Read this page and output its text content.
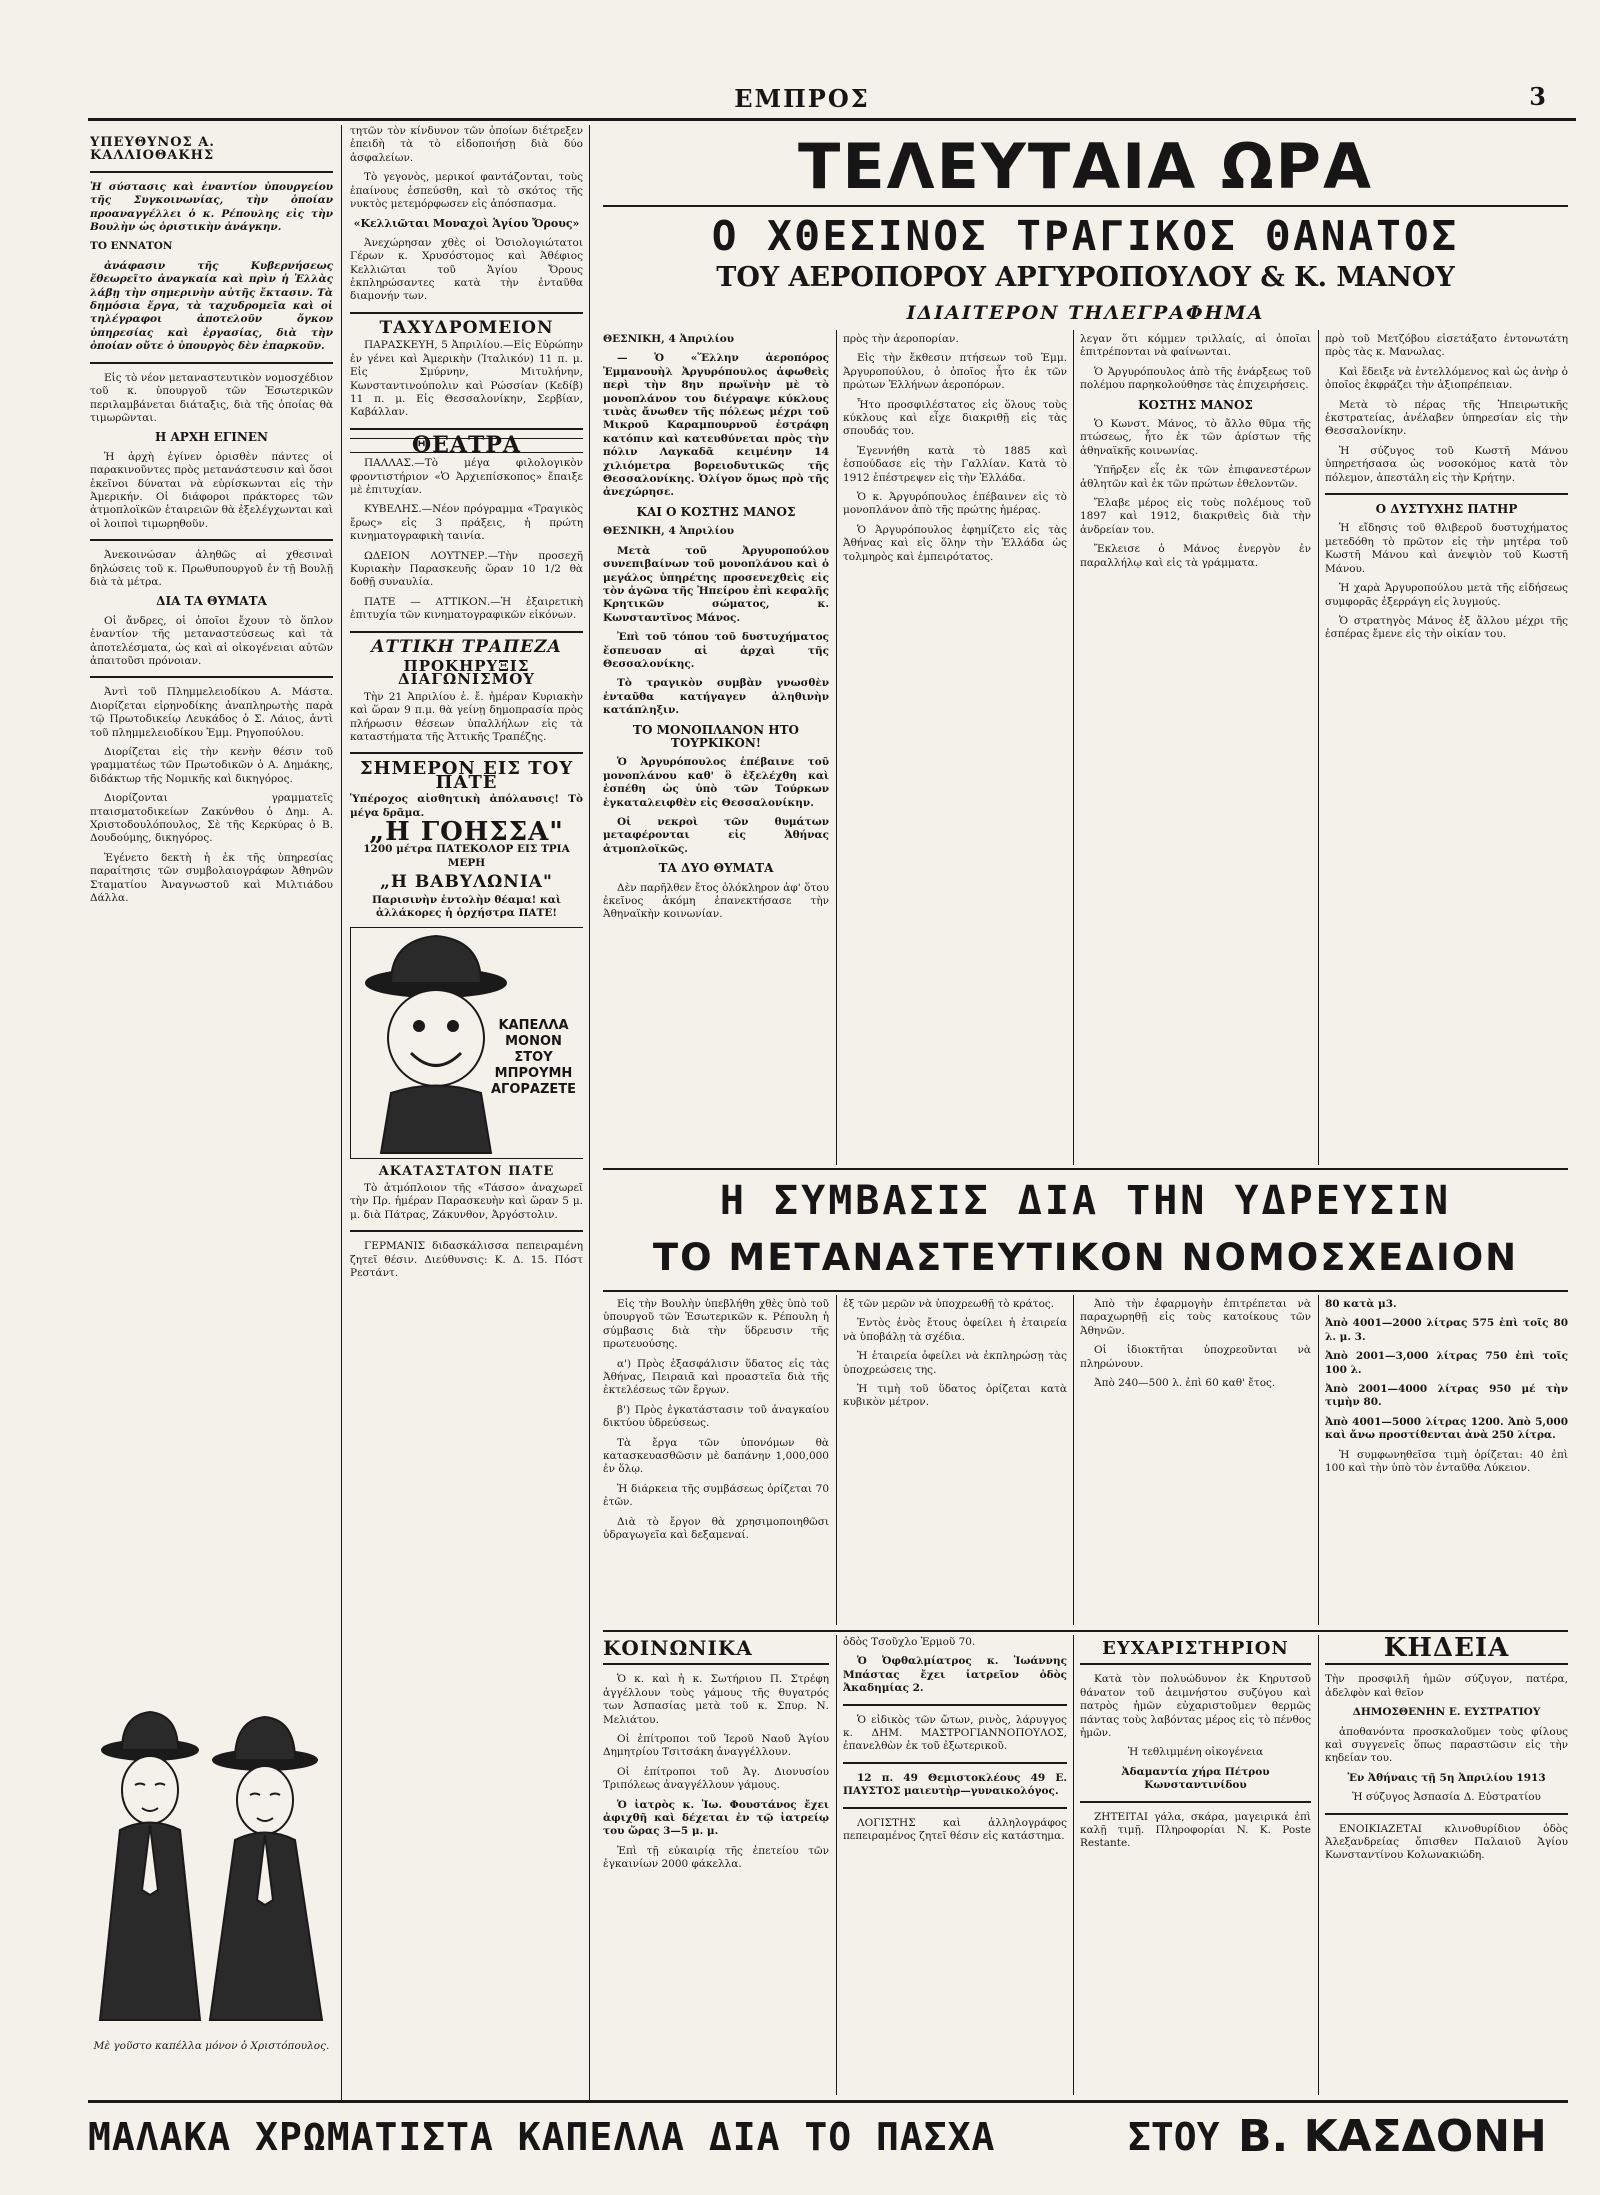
ΕΜΠΡΟΣ	3
ΥΠΕΥΘΥΝΟΣ Α. ΚΑΛΛΙΟΘΑΚΗΣ

Ἡ σύστασις καὶ ἐναντίον ὑπουργείου τῆς Συγκοινωνίας, τὴν ὁποίαν προαναγγέλλει ὁ κ. Ρέπουλης εἰς τὴν Βουλὴν ὡς ὁριστικὴν ἀνάγκην.

ΤΟ ΕΝΝΑΤΟΝ

ἀνάφασιν τῆς Κυβερνήσεως ἔθεωρεῖτο ἀναγκαία καὶ πρὶν ἡ Ἑλλὰς λάβῃ τὴν σημερινὴν αὐτῆς ἔκτασιν. Τὰ δημόσια ἔργα, τὰ ταχυδρομεῖα καὶ οἱ τηλέγραφοι ἀποτελοῦν ὄγκον ὑπηρεσίας καὶ ἐργασίας, διὰ τὴν ὁποίαν οὔτε ὁ ὑπουργὸς δὲν ἐπαρκοῦν.

Εἰς τὸ νέον μεταναστευτικὸν νομοσχέδιον τοῦ κ. ὑπουργοῦ τῶν Ἐσωτερικῶν περιλαμβάνεται διάταξις, διὰ τῆς ὁποίας θὰ τιμωρῶνται.

Η ΑΡΧΗ ΕΓΙΝΕΝ

Ἡ ἀρχὴ ἐγίνεν ὁρισθὲν πάντες οἱ παρακινοῦντες πρὸς μετανάστευσιν καὶ ὅσοι ἐκεῖνοι δύναται νὰ εὑρίσκωνται εἰς τὴν Ἀμερικήν. Οἱ διάφοροι πράκτορες τῶν ἀτμοπλοϊκῶν ἑταιρειῶν θὰ ἐξελέγχωνται καὶ οἱ λοιποὶ τιμωρηθοῦν.

Ἀνεκοινώσαν ἀληθῶς αἱ χθεσιναὶ δηλώσεις τοῦ κ. Πρωθυπουργοῦ ἐν τῇ Βουλῇ διὰ τὰ μέτρα.

ΔΙΑ ΤΑ ΘΥΜΑΤΑ

Οἱ ἄνδρες, οἱ ὁποῖοι ἔχουν τὸ ὅπλον ἐναντίον τῆς μεταναστεύσεως καὶ τὰ ἀποτελέσματα, ὡς καὶ αἱ οἰκογένειαι αὐτῶν ἀπαιτοῦσι πρόνοιαν.

Ἀντὶ τοῦ Πλημμελειοδίκου Α. Μάστα. Διορίζεται εἰρηνοδίκης ἀναπληρωτὴς παρὰ τῷ Πρωτοδικείῳ Λευκάδος ὁ Σ. Λάιος, ἀντὶ τοῦ πλημμελειοδίκου Ἐμμ. Ρηγοπούλου.

Διορίζεται εἰς τὴν κενὴν θέσιν τοῦ γραμματέως τῶν Πρωτοδικῶν ὁ Α. Δημάκης, διδάκτωρ τῆς Νομικῆς καὶ δικηγόρος.

Διορίζονται γραμματεῖς πταισματοδικείων Ζακύνθου ὁ Δημ. Α. Χριστοδουλόπουλος, Σὲ τῆς Κερκύρας ὁ Β. Δουδούμης, δικηγόρος.

Ἐγένετο δεκτὴ ἡ ἐκ τῆς ὑπηρεσίας παραίτησις τῶν συμβολαιογράφων Ἀθηνῶν Σταματίου Ἀναγνωστοῦ καὶ Μιλτιάδου Δάλλα.

Μὲ γοῦστο καπέλλα μόνον ὁ Χριστόπουλος.

τητῶν τὸν κίνδυνον τῶν ὁποίων διέτρεξεν ἐπειδὴ τὰ τὸ εἰδοποιήσῃ διὰ δύο ἀσφαλείων.

Τὸ γεγονὸς, μερικοί φαντάζονται, τοὺς ἐπαίνους ἐσπεύσθη, καὶ τὸ σκότος τῆς νυκτὸς μετεμόρφωσεν εἰς ἀπόσπασμα.

«Κελλιῶται Μοναχοὶ Ἁγίου Ὄρους»

Ἀνεχώρησαν χθὲς οἱ Ὀσιολογιώτατοι Γέρων κ. Χρυσόστομος καὶ Ἀθέφιος Κελλιῶται τοῦ Ἁγίου Ὄρους ἐκπληρώσαντες κατὰ τὴν ἐνταῦθα διαμονήν των.

ΤΑΧΥΔΡΟΜΕΙΟΝ

ΠΑΡΑΣΚΕΥΗ, 5 Ἀπριλίου.—Εἰς Εὐρώπην ἐν γένει καὶ Ἀμερικὴν (Ἰταλικόν) 11 π. μ. Εἰς Σμύρνην, Μιτυλήνην, Κωνσταντινούπολιν καὶ Ρώσσίαν (Κεδίβ) 11 π. μ. Εἰς Θεσσαλονίκην, Σερβίαν, Καβάλλαν.

ΘΕΑΤΡΑ

ΠΑΛΛΑΣ.—Τὸ μέγα φιλολογικὸν φροντιστήριον «Ὁ Ἀρχιεπίσκοπος» ἔπαιξε μὲ ἐπιτυχίαν.

ΚΥΒΕΛΗΣ.—Νέον πρόγραμμα «Τραγικὸς ἔρως» εἰς 3 πράξεις, ἡ πρώτη κινηματογραφικὴ ταινία.

ΩΔΕΙΟΝ ΛΟΥΤΝΕΡ.—Τὴν προσεχῆ Κυριακὴν Παρασκευῆς ὥραν 10 1/2 θὰ δοθῇ συναυλία.

ΠΑΤΕ — ΑΤΤΙΚΟΝ.—Ἡ ἐξαιρετικὴ ἐπιτυχία τῶν κινηματογραφικῶν εἰκόνων.

ΑΤΤΙΚΗ ΤΡΑΠΕΖΑ
ΠΡΟΚΗΡΥΞΙΣ ΔΙΑΓΩΝΙΣΜΟΥ

Τὴν 21 Ἀπριλίου ἐ. ἔ. ἡμέραν Κυριακὴν καὶ ὥραν 9 π.μ. θὰ γείνῃ δημοπρασία πρὸς πλήρωσιν θέσεων ὑπαλλήλων εἰς τὰ καταστήματα τῆς Ἀττικῆς Τραπέζης.

ΣΗΜΕΡΟΝ ΕΙΣ ΤΟΥ ΠΑΤΕ

Ὑπέροχος αἰσθητικὴ ἀπόλαυσις! Τὸ μέγα δρᾶμα.

„Η ΓΟΗΣΣΑ"

1200 μέτρα ΠΑΤΕΚΟΛΟΡ ΕΙΣ ΤΡΙΑ ΜΕΡΗ

„Η ΒΑΒΥΛΩΝΙΑ"

Παρισινὴν ἐντολὴν θέαμα! καὶ ἀλλάκορες ἡ ὀρχήστρα ΠΑΤΕ!

ΚΑΠΕΛΛΑ ΜΟΝΟΝ ΣΤΟΥ ΜΠΡΟΥΜΗ ΑΓΟΡΑΖΕΤΕ
ΑΚΑΤΑΣΤΑΤΟΝ ΠΑΤΕ

Τὸ ἀτμόπλοιον τῆς «Τάσσο» ἀναχωρεῖ τὴν Πρ. ἡμέραν Παρασκευὴν καὶ ὥραν 5 μ. μ. διὰ Πάτρας, Ζάκυνθον, Ἀργόστολιν.

ΓΕΡΜΑΝΙΣ διδασκάλισσα πεπειραμένη ζητεῖ θέσιν. Διεύθυνσις: Κ. Δ. 15. Πόστ Ρεστάντ.

ΤΕΛΕΥΤΑΙΑ ΩΡΑ
Ο ΧΘΕΣΙΝΟΣ ΤΡΑΓΙΚΟΣ ΘΑΝΑΤΟΣ
ΤΟΥ ΑΕΡΟΠΟΡΟΥ ΑΡΓΥΡΟΠΟΥΛΟΥ & Κ. ΜΑΝΟΥ
ΙΔΙΑΙΤΕΡΟΝ ΤΗΛΕΓΡΑΦΗΜΑ

ΘΕΣΝΙΚΗ, 4 Ἀπριλίου

— Ὁ «Ἕλλην ἀεροπόρος Ἐμμανουὴλ Ἀργυρόπουλος ἀφωθεὶς περὶ τὴν 8ην πρωϊνὴν μὲ τὸ μονοπλάνον του διέγραψε κύκλους τινὰς ἄνωθεν τῆς πόλεως μέχρι τοῦ Μικροῦ Καραμπουρνοῦ ἐστράφη κατόπιν καὶ κατευθύνεται πρὸς τὴν πόλιν Λαγκαδᾶ κειμένην 14 χιλιόμετρα βορειοδυτικῶς τῆς Θεσσαλονίκης. Ὀλίγον ὅμως πρὸ τῆς ἀνεχώρησε.

ΚΑΙ Ο ΚΟΣΤΗΣ ΜΑΝΟΣ

ΘΕΣΝΙΚΗ, 4 Ἀπριλίου

Μετὰ τοῦ Ἀργυροπούλου συνεπιβαίνων τοῦ μονοπλάνου καὶ ὁ μεγάλος ὑπηρέτης προσενεχθεὶς εἰς τὸν ἀγῶνα τῆς Ἠπείρου ἐπὶ κεφαλῆς Κρητικῶν σώματος, κ. Κωνσταντῖνος Μάνος.

Ἐπὶ τοῦ τόπου τοῦ δυστυχήματος ἔσπευσαν αἱ ἀρχαὶ τῆς Θεσσαλονίκης.

Τὸ τραγικὸν συμβὰν γνωσθὲν ἐνταῦθα κατήγαγεν ἀληθινὴν κατάπληξιν.

ΤΟ ΜΟΝΟΠΛΑΝΟΝ ΗΤΟ ΤΟΥΡΚΙΚΟΝ!

Ὁ Ἀργυρόπουλος ἐπέβαινε τοῦ μονοπλάνου καθ' ὃ ἐξελέχθη καὶ ἐσπέθη ὡς ὑπὸ τῶν Τούρκων ἐγκαταλειφθὲν εἰς Θεσσαλονίκην.

Οἱ νεκροὶ τῶν θυμάτων μεταφέρονται εἰς Ἀθήνας ἀτμοπλοϊκῶς.

ΤΑ ΔΥΟ ΘΥΜΑΤΑ

Δὲν παρῆλθεν ἔτος ὁλόκληρον ἀφ' ὅτου ἐκεῖνος ἀκόμη ἐπανεκτήσασε τὴν Ἀθηναϊκὴν κοινωνίαν.

πρὸς τὴν ἀεροπορίαν.

Εἰς τὴν ἔκθεσιν πτήσεων τοῦ Ἐμμ. Ἀργυροπούλου, ὁ ὁποῖος ἦτο ἐκ τῶν πρώτων Ἑλλήνων ἀεροπόρων.

Ἦτο προσφιλέστατος εἰς ὅλους τοὺς κύκλους καὶ εἶχε διακριθῇ εἰς τὰς σπουδάς του.

Ἐγεννήθη κατὰ τὸ 1885 καὶ ἐσπούδασε εἰς τὴν Γαλλίαν. Κατὰ τὸ 1912 ἐπέστρεψεν εἰς τὴν Ἑλλάδα.

Ὁ κ. Ἀργυρόπουλος ἐπέβαινεν εἰς τὸ μονοπλάνον ἀπὸ τῆς πρώτης ἡμέρας.

Ὁ Ἀργυρόπουλος ἐφημίζετο εἰς τὰς Ἀθήνας καὶ εἰς ὅλην τὴν Ἑλλάδα ὡς τολμηρὸς καὶ ἐμπειρότατος.

λεγαν ὅτι κόμμεν τριλλαίς, αἱ ὁποῖαι ἐπιτρέπονται νὰ φαίνωνται.

Ὁ Ἀργυρόπουλος ἀπὸ τῆς ἐνάρξεως τοῦ πολέμου παρηκολούθησε τὰς ἐπιχειρήσεις.

ΚΟΣΤΗΣ ΜΑΝΟΣ

Ὁ Κωνστ. Μάνος, τὸ ἄλλο θῦμα τῆς πτώσεως, ἦτο ἐκ τῶν ἀρίστων τῆς ἀθηναϊκῆς κοινωνίας.

Ὑπῆρξεν εἷς ἐκ τῶν ἐπιφανεστέρων ἀθλητῶν καὶ ἐκ τῶν πρώτων ἐθελοντῶν.

Ἔλαβε μέρος εἰς τοὺς πολέμους τοῦ 1897 καὶ 1912, διακριθεὶς διὰ τὴν ἀνδρείαν του.

Ἔκλεισε ὁ Μάνος ἐνεργὸν ἐν παραλλήλῳ καὶ εἰς τὰ γράμματα.

πρὸ τοῦ Μετζόβου εἰσετάξατο ἐντονωτάτη πρὸς τὰς κ. Μανωλας.

Καὶ ἔδειξε νὰ ἐντελλόμενος καὶ ὡς ἀνὴρ ὁ ὁποῖος ἐκφράζει τὴν ἀξιοπρέπειαν.

Μετὰ τὸ πέρας τῆς Ἠπειρωτικῆς ἐκστρατείας, ἀνέλαβεν ὑπηρεσίαν εἰς τὴν Θεσσαλονίκην.

Ἡ σύζυγος τοῦ Κωστῆ Μάνου ὑπηρετήσασα ὡς νοσοκόμος κατὰ τὸν πόλεμον, ἀπεστάλη εἰς τὴν Κρήτην.

Ο ΔΥΣΤΥΧΗΣ ΠΑΤΗΡ

Ἡ εἴδησις τοῦ θλιβεροῦ δυστυχήματος μετεδόθη τὸ πρῶτον εἰς τὴν μητέρα τοῦ Κωστῆ Μάνου καὶ ἀνεψιὸν τοῦ Κωστῆ Μάνου.

Ἡ χαρὰ Ἀργυροπούλου μετὰ τῆς εἰδήσεως συμφορᾶς ἐξερράγη εἰς λυγμούς.

Ὁ στρατηγὸς Μάνος ἐξ ἄλλου μέχρι τῆς ἐσπέρας ἔμενε εἰς τὴν οἰκίαν του.

Η ΣΥΜΒΑΣΙΣ ΔΙΑ ΤΗΝ ΥΔΡΕΥΣΙΝ
ΤΟ ΜΕΤΑΝΑΣΤΕΥΤΙΚΟΝ ΝΟΜΟΣΧΕΔΙΟΝ

Εἰς τὴν Βουλὴν ὑπεβλήθη χθὲς ὑπὸ τοῦ ὑπουργοῦ τῶν Ἐσωτερικῶν κ. Ρέπουλη ἡ σύμβασις διὰ τὴν ὕδρευσιν τῆς πρωτευούσης.

α') Πρὸς ἐξασφάλισιν ὕδατος εἰς τὰς Ἀθήνας, Πειραιᾶ καὶ προαστεῖα διὰ τῆς ἐκτελέσεως τῶν ἔργων.

β') Πρὸς ἐγκατάστασιν τοῦ ἀναγκαίου δικτύου ὑδρεύσεως.

Τὰ ἔργα τῶν ὑπονόμων θὰ κατασκευασθῶσιν μὲ δαπάνην 1,000,000 ἐν ὅλῳ.

Ἡ διάρκεια τῆς συμβάσεως ὁρίζεται 70 ἐτῶν.

Διὰ τὸ ἔργον θὰ χρησιμοποιηθῶσι ὑδραγωγεῖα καὶ δεξαμεναί.

ἐξ τῶν μερῶν νὰ ὑποχρεωθῇ τὸ κράτος.

Ἐντὸς ἑνὸς ἔτους ὀφείλει ἡ ἑταιρεία νὰ ὑποβάλῃ τὰ σχέδια.

Ἡ ἑταιρεία ὀφείλει νὰ ἐκπληρώσῃ τὰς ὑποχρεώσεις της.

Ἡ τιμὴ τοῦ ὕδατος ὁρίζεται κατὰ κυβικὸν μέτρον.

Ἀπὸ τὴν ἐφαρμογὴν ἐπιτρέπεται νὰ παραχωρηθῇ εἰς τοὺς κατοίκους τῶν Ἀθηνῶν.

Οἱ ἰδιοκτῆται ὑποχρεοῦνται νὰ πληρώνουν.

Ἀπὸ 240—500 λ. ἐπὶ 60 καθ' ἔτος.

80 κατὰ μ3.

Ἀπὸ 4001—2000 λίτρας 575 ἐπὶ τοῖς 80 λ. μ. 3.

Ἀπὸ 2001—3,000 λίτρας 750 ἐπὶ τοῖς 100 λ.

Ἀπὸ 2001—4000 λίτρας 950 μέ τὴν τιμὴν 80.

Ἀπὸ 4001—5000 λίτρας 1200. Ἀπὸ 5,000 καὶ ἄνω προστίθενται ἀνὰ 250 λίτρα.

Ἡ συμφωνηθεῖσα τιμὴ ὁρίζεται: 40 ἐπὶ 100 καὶ τὴν ὑπὸ τὸν ἐνταῦθα Λύκειον.

ΚΟΙΝΩΝΙΚΑ

Ὁ κ. καὶ ἡ κ. Σωτήριου Π. Στρέφη ἀγγέλλουν τοὺς γάμους τῆς θυγατρός των Ἀσπασίας μετὰ τοῦ κ. Σπυρ. Ν. Μελιάτου.

Οἱ ἐπίτροποι τοῦ Ἱεροῦ Ναοῦ Ἁγίου Δημητρίου Τσιτσάκη ἀναγγέλλουν.

Οἱ ἐπίτροποι τοῦ Ἀγ. Διονυσίου Τριπόλεως ἀναγγέλλουν γάμους.

Ὁ ἰατρὸς κ. Ἰω. Φουστάνος ἔχει ἀφιχθῆ καὶ δέχεται ἐν τῷ ἰατρείῳ του ὥρας 3—5 μ. μ.

Ἐπὶ τῇ εὐκαιρίᾳ τῆς ἐπετείου τῶν ἐγκαινίων 2000 φάκελλα.

ὁδὸς Τσοῦχλο Ἑρμοῦ 70.

Ὁ Ὀφθαλμίατρος κ. Ἰωάννης Μπάστας ἔχει ἰατρεῖον ὁδὸς Ἀκαδημίας 2.

Ὁ εἰδικὸς τῶν ὤτων, ρινὸς, λάρυγγος κ. ΔΗΜ. ΜΑΣΤΡΟΓΙΑΝΝΟΠΟΥΛΟΣ, ἐπανελθὼν ἐκ τοῦ ἐξωτερικοῦ.

12 π. 49 Θεμιστοκλέους 49 Ε. ΠΑΥΣΤΟΣ μαιευτὴρ—γυναικολόγος.

ΛΟΓΙΣΤΗΣ καὶ ἀλληλογράφος πεπειραμένος ζητεῖ θέσιν εἰς κατάστημα.

ΕΥΧΑΡΙΣΤΗΡΙΟΝ

Κατὰ τὸν πολυώδυνον ἐκ Κηρυτσοῦ θάνατον τοῦ ἀειμνήστου συζύγου καὶ πατρὸς ἡμῶν εὐχαριστοῦμεν θερμῶς πάντας τοὺς λαβόντας μέρος εἰς τὸ πένθος ἡμῶν.

Ἡ τεθλιμμένη οἰκογένεια

Ἀδαμαντία χήρα Πέτρου Κωνσταντινίδου

ΖΗΤΕΙΤΑΙ γάλα, σκάρα, μαγειρικά ἐπὶ καλῇ τιμῇ. Πληροφορίαι N. K. Poste Restante.

ΚΗΔΕΙΑ

Τὴν προσφιλῆ ἡμῶν σύζυγον, πατέρα, ἀδελφὸν καὶ θεῖον

ΔΗΜΟΣΘΕΝΗΝ Ε. ΕΥΣΤΡΑΤΙΟΥ

ἀποθανόντα προσκαλοῦμεν τοὺς φίλους καὶ συγγενεῖς ὅπως παραστῶσιν εἰς τὴν κηδείαν του.

Ἐν Ἀθήναις τῇ 5η Ἀπριλίου 1913

Ἡ σύζυγος Ἀσπασία Δ. Εὐστρατίου

ΕΝΟΙΚΙΑΖΕΤΑΙ κλινοθυρίδιον ὁδὸς Ἀλεξανδρείας ὄπισθεν Παλαιοῦ Ἁγίου Κωνσταντίνου Κολωνακιώδη.

ΜΑΛΑΚΑ ΧΡΩΜΑΤΙΣΤΑ ΚΑΠΕΛΛΑ ΔΙΑ ΤΟ ΠΑΣΧΑ	ΣΤΟΥ Β. ΚΑΣΔΟΝΗ
